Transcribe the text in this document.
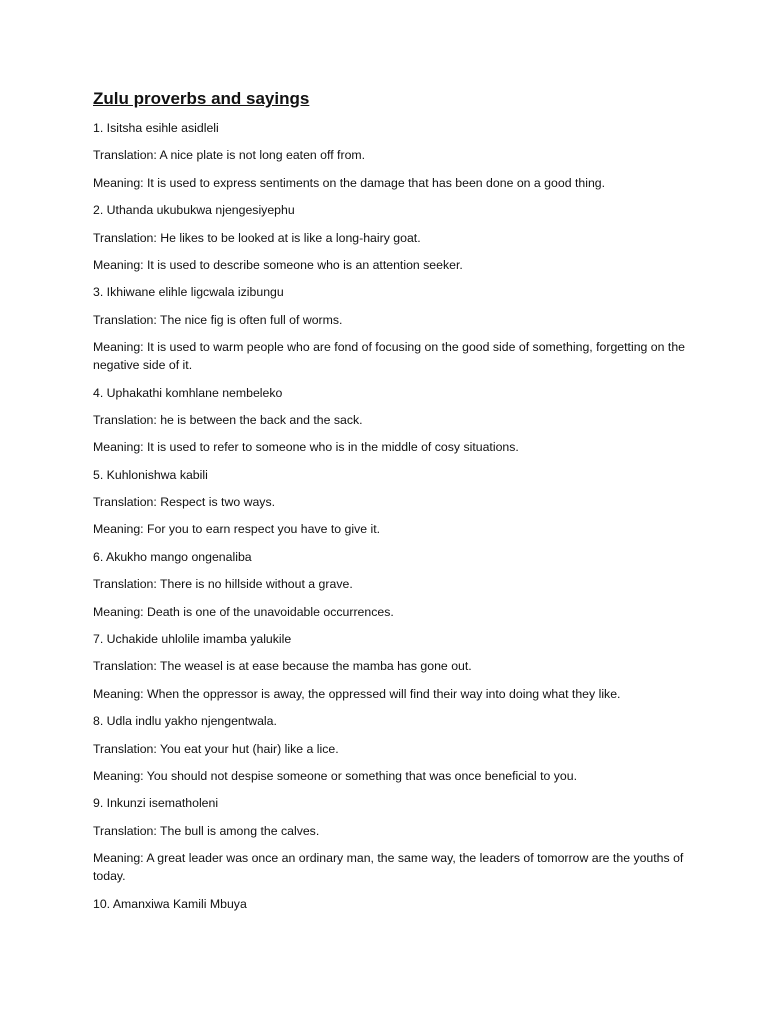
Zulu proverbs and sayings

1. Isitsha esihle asidleli

Translation: A nice plate is not long eaten off from.

Meaning: It is used to express sentiments on the damage that has been done on a good thing.

2. Uthanda ukubukwa njengesiyephu

Translation: He likes to be looked at is like a long-hairy goat.

Meaning: It is used to describe someone who is an attention seeker.

3. Ikhiwane elihle ligcwala izibungu

Translation: The nice fig is often full of worms.

Meaning: It is used to warm people who are fond of focusing on the good side of something, forgetting on the negative side of it.

4. Uphakathi komhlane nembeleko

Translation: he is between the back and the sack.

Meaning: It is used to refer to someone who is in the middle of cosy situations.

5. Kuhlonishwa kabili

Translation: Respect is two ways.

Meaning: For you to earn respect you have to give it.

6. Akukho mango ongenaliba

Translation: There is no hillside without a grave.

Meaning: Death is one of the unavoidable occurrences.

7. Uchakide uhlolile imamba yalukile

Translation: The weasel is at ease because the mamba has gone out.

Meaning: When the oppressor is away, the oppressed will find their way into doing what they like.

8. Udla indlu yakho njengentwala.

Translation: You eat your hut (hair) like a lice.

Meaning: You should not despise someone or something that was once beneficial to you.

9. Inkunzi isematholeni

Translation: The bull is among the calves.

Meaning: A great leader was once an ordinary man, the same way, the leaders of tomorrow are the youths of today.

10. Amanxiwa Kamili Mbuya
